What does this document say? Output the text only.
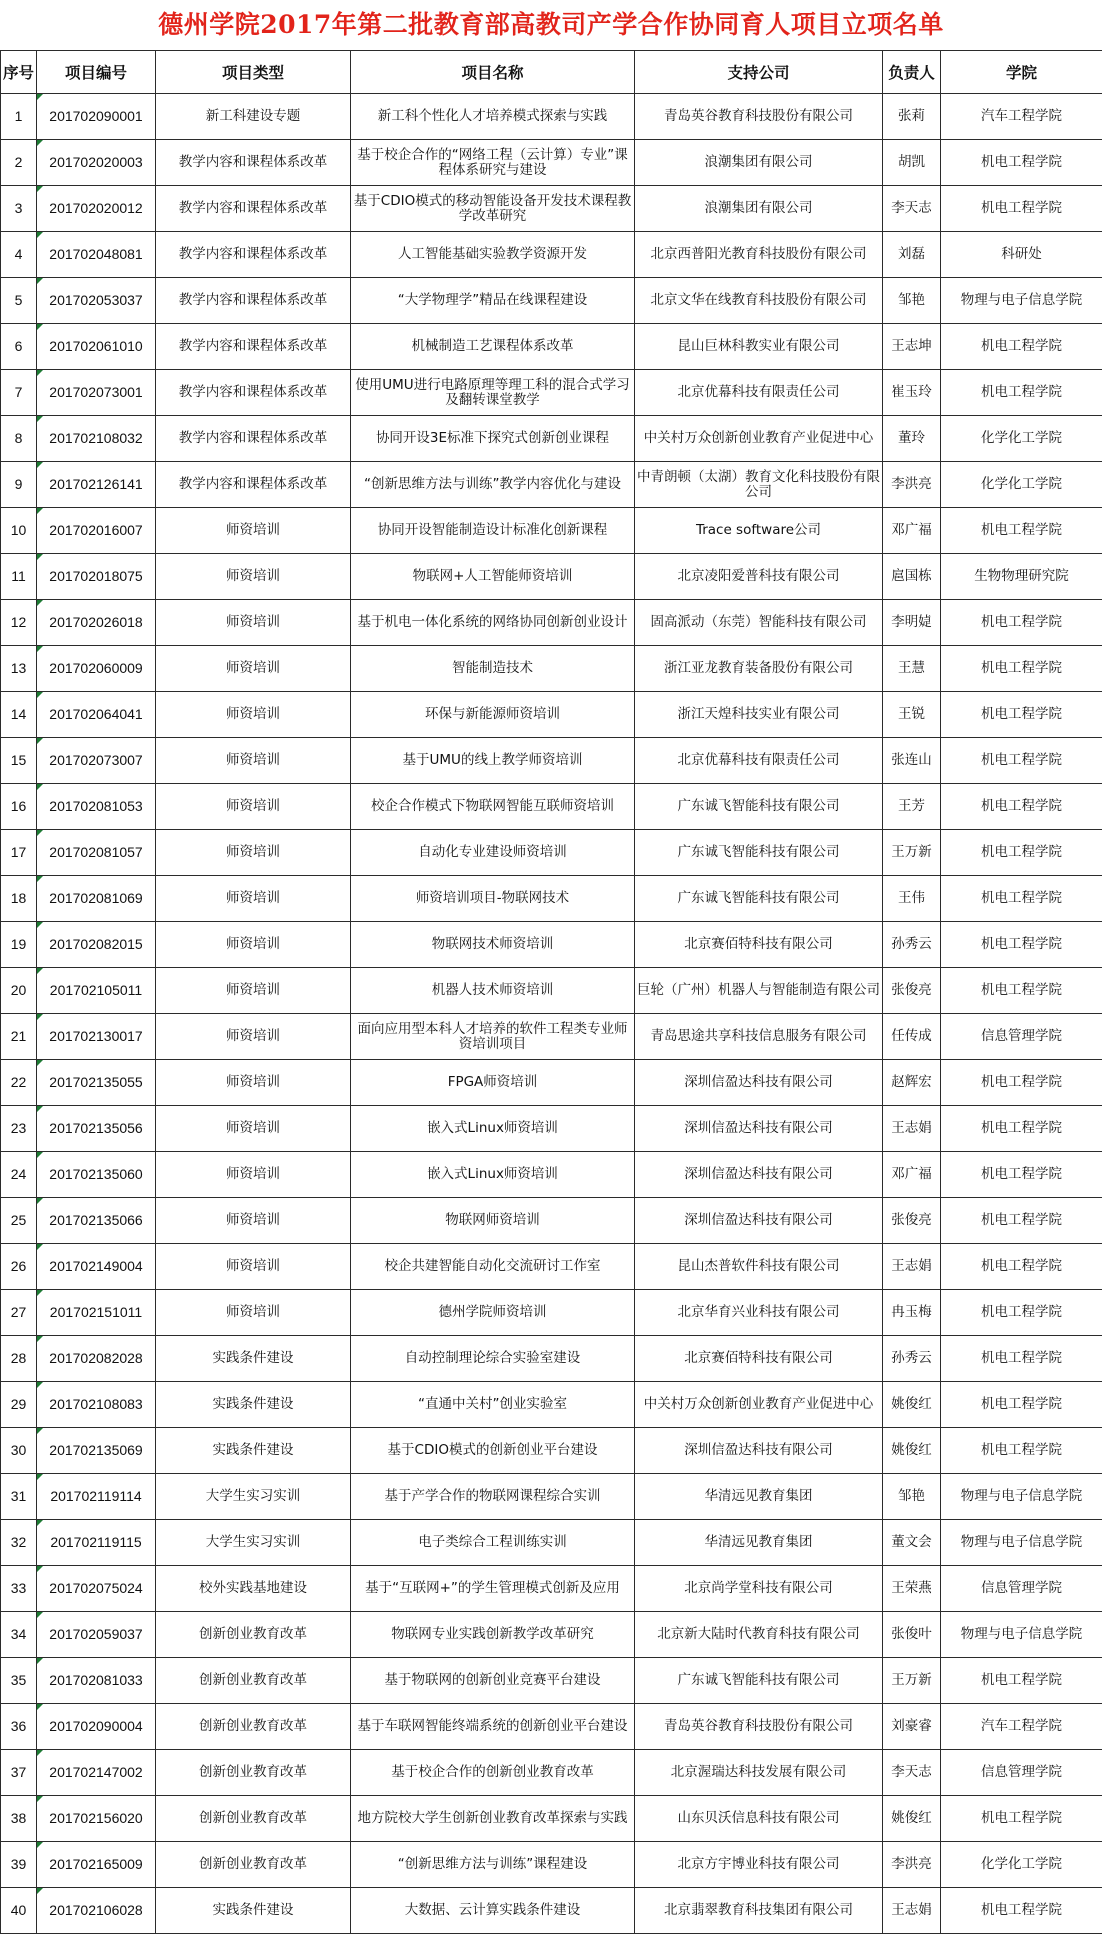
德州学院2017年第二批教育部高教司产学合作协同育人项目立项名单
序号	项目编号	项目类型	项目名称	支持公司	负责人	学院
1	201702090001	新工科建设专题	新工科个性化人才培养模式探索与实践	青岛英谷教育科技股份有限公司	张莉	汽车工程学院
2	201702020003	教学内容和课程体系改革	基于校企合作的“网络工程（云计算）专业”课程体系研究与建设	浪潮集团有限公司	胡凯	机电工程学院
3	201702020012	教学内容和课程体系改革	基于CDIO模式的移动智能设备开发技术课程教学改革研究	浪潮集团有限公司	李天志	机电工程学院
4	201702048081	教学内容和课程体系改革	人工智能基础实验教学资源开发	北京西普阳光教育科技股份有限公司	刘磊	科研处
5	201702053037	教学内容和课程体系改革	“大学物理学”精品在线课程建设	北京文华在线教育科技股份有限公司	邹艳	物理与电子信息学院
6	201702061010	教学内容和课程体系改革	机械制造工艺课程体系改革	昆山巨林科教实业有限公司	王志坤	机电工程学院
7	201702073001	教学内容和课程体系改革	使用UMU进行电路原理等理工科的混合式学习及翻转课堂教学	北京优幕科技有限责任公司	崔玉玲	机电工程学院
8	201702108032	教学内容和课程体系改革	协同开设3E标准下探究式创新创业课程	中关村万众创新创业教育产业促进中心	董玲	化学化工学院
9	201702126141	教学内容和课程体系改革	“创新思维方法与训练”教学内容优化与建设	中青朗顿（太湖）教育文化科技股份有限公司	李洪亮	化学化工学院
10	201702016007	师资培训	协同开设智能制造设计标准化创新课程	Trace software公司	邓广福	机电工程学院
11	201702018075	师资培训	物联网+人工智能师资培训	北京凌阳爱普科技有限公司	扈国栋	生物物理研究院
12	201702026018	师资培训	基于机电一体化系统的网络协同创新创业设计	固高派动（东莞）智能科技有限公司	李明媫	机电工程学院
13	201702060009	师资培训	智能制造技术	浙江亚龙教育装备股份有限公司	王慧	机电工程学院
14	201702064041	师资培训	环保与新能源师资培训	浙江天煌科技实业有限公司	王锐	机电工程学院
15	201702073007	师资培训	基于UMU的线上教学师资培训	北京优幕科技有限责任公司	张连山	机电工程学院
16	201702081053	师资培训	校企合作模式下物联网智能互联师资培训	广东诚飞智能科技有限公司	王芳	机电工程学院
17	201702081057	师资培训	自动化专业建设师资培训	广东诚飞智能科技有限公司	王万新	机电工程学院
18	201702081069	师资培训	师资培训项目-物联网技术	广东诚飞智能科技有限公司	王伟	机电工程学院
19	201702082015	师资培训	物联网技术师资培训	北京赛佰特科技有限公司	孙秀云	机电工程学院
20	201702105011	师资培训	机器人技术师资培训	巨轮（广州）机器人与智能制造有限公司	张俊亮	机电工程学院
21	201702130017	师资培训	面向应用型本科人才培养的软件工程类专业师资培训项目	青岛思途共享科技信息服务有限公司	任传成	信息管理学院
22	201702135055	师资培训	FPGA师资培训	深圳信盈达科技有限公司	赵辉宏	机电工程学院
23	201702135056	师资培训	嵌入式Linux师资培训	深圳信盈达科技有限公司	王志娟	机电工程学院
24	201702135060	师资培训	嵌入式Linux师资培训	深圳信盈达科技有限公司	邓广福	机电工程学院
25	201702135066	师资培训	物联网师资培训	深圳信盈达科技有限公司	张俊亮	机电工程学院
26	201702149004	师资培训	校企共建智能自动化交流研讨工作室	昆山杰普软件科技有限公司	王志娟	机电工程学院
27	201702151011	师资培训	德州学院师资培训	北京华育兴业科技有限公司	冉玉梅	机电工程学院
28	201702082028	实践条件建设	自动控制理论综合实验室建设	北京赛佰特科技有限公司	孙秀云	机电工程学院
29	201702108083	实践条件建设	“直通中关村”创业实验室	中关村万众创新创业教育产业促进中心	姚俊红	机电工程学院
30	201702135069	实践条件建设	基于CDIO模式的创新创业平台建设	深圳信盈达科技有限公司	姚俊红	机电工程学院
31	201702119114	大学生实习实训	基于产学合作的物联网课程综合实训	华清远见教育集团	邹艳	物理与电子信息学院
32	201702119115	大学生实习实训	电子类综合工程训练实训	华清远见教育集团	董文会	物理与电子信息学院
33	201702075024	校外实践基地建设	基于“互联网+”的学生管理模式创新及应用	北京尚学堂科技有限公司	王荣燕	信息管理学院
34	201702059037	创新创业教育改革	物联网专业实践创新教学改革研究	北京新大陆时代教育科技有限公司	张俊叶	物理与电子信息学院
35	201702081033	创新创业教育改革	基于物联网的创新创业竞赛平台建设	广东诚飞智能科技有限公司	王万新	机电工程学院
36	201702090004	创新创业教育改革	基于车联网智能终端系统的创新创业平台建设	青岛英谷教育科技股份有限公司	刘豪睿	汽车工程学院
37	201702147002	创新创业教育改革	基于校企合作的创新创业教育改革	北京渥瑞达科技发展有限公司	李天志	信息管理学院
38	201702156020	创新创业教育改革	地方院校大学生创新创业教育改革探索与实践	山东贝沃信息科技有限公司	姚俊红	机电工程学院
39	201702165009	创新创业教育改革	“创新思维方法与训练”课程建设	北京方宇博业科技有限公司	李洪亮	化学化工学院
40	201702106028	实践条件建设	大数据、云计算实践条件建设	北京翡翠教育科技集团有限公司	王志娟	机电工程学院
